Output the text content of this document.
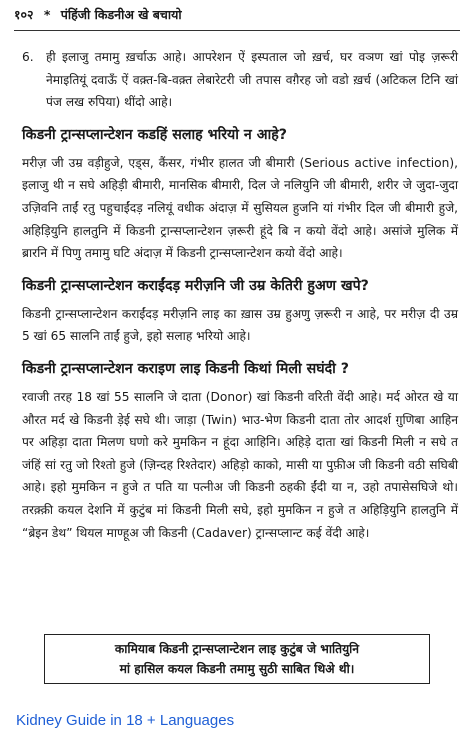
१०२ * पंहिंजी किडनीअ खे बचायो
6.	ही इलाजु तमामु ख़र्चाऊ आहे। आपरेशन ऐं इस्पताल जो ख़र्च, घर वञण खां पोइ ज़रूरी नेमाइतियूं दवाऊँ ऐं वक़्त-बि-वक़्त लेबारेटरी जी तपास वग़ैरह जो वडो ख़र्च (अटिकल टिनि खां पंज लख रुपिया) थींदो आहे।

किडनी ट्रान्सप्लान्टेशन कडहिं सलाह भरियो न आहे?

मरीज़ जी उम्र वड़ीहुजे, एड्स, कैंसर, गंभीर हालत जी बीमारी (Serious active infection), इलाजु थी न सघे अहिड़ी बीमारी, मानसिक बीमारी, दिल जे नलियुनि जी बीमारी, शरीर जे जुदा-जुदा उज़िवनि ताईं रतु पहुचाईंदड़ नलियूं वधीक अंदाज़ में सुसियल हुजनि यां गंभीर दिल जी बीमारी हुजे, अहिड़ियुनि हालतुनि में किडनी ट्रान्सप्लान्टेशन ज़रूरी हूंदे बि न कयो वेंदो आहे। असांजे मुलिक में ब्रारनि में पिणु तमामु घटि अंदाज़ में किडनी ट्रान्सप्लान्टेशन कयो वेंदो आहे।

किडनी ट्रान्सप्लान्टेशन कराईंदड़ मरीज़नि जी उम्र केतिरी हुअण खपे?

किडनी ट्रान्सप्लान्टेशन कराईंदड़ मरीज़नि लाइ का ख़ास उम्र हुअणु ज़रूरी न आहे, पर मरीज़ दी उम्र 5 खां 65 सालनि ताईं हुजे, इहो सलाह भरियो आहे।

किडनी ट्रान्सप्लान्टेशन कराइण लाइ किडनी किथां मिली सघंदी ?

रवाजी तरह 18 खां 55 सालनि जे दाता (Donor) खां किडनी वरिती वेंदी आहे। मर्द ओरत खे या औरत मर्द खे किडनी ड़ेई सघे थी। जाड़ा (Twin) भाउ-भेण किडनी दाता तोर आदर्श ग़ुणिबा आहिन पर अहिड़ा दाता मिलण घणो करे मुमकिन न हूंदा आहिनि। अहिड़े दाता खां किडनी मिली न सघे त जंहिं सां रतु जो रिश्तो हुजे (ज़िन्दह रिश्तेदार) अहिड़ो काको, मासी या पुफ़ीअ जी किडनी वठी सघिबी आहे। इहो मुमकिन न हुजे त पति या पत्नीअ जी किडनी ठहकी ईंदी या न, उहो तपासेसघिजे थो। तरक़्क़ी कयल देशनि में कुटुंब मां किडनी मिली सघे, इहो मुमकिन न हुजे त अहिड़ियुनि हालतुनि में “ब्रेइन डेथ” थियल माण्हूअ जी किडनी (Cadaver) ट्रान्सप्लान्ट कई वेंदी आहे।

कामियाब किडनी ट्रान्सप्लान्टेशन लाइ कुटुंब जे भातियुनि
मां हासिल कयल किडनी तमामु सुठी साबित थिअे थी।
Kidney Guide in 18 + Languages
